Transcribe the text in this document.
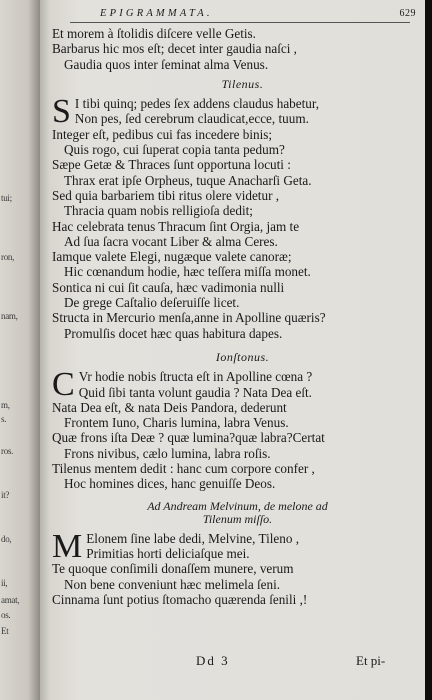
tui;
ron,
nam,
m,
s.
ros.
it?
do,
ii,
amat,
os.
Et
EPIGRAMMATA.	629
Et morem à ſtolidis diſcere velle Getis.
Barbarus hic mos eſt; decet inter gaudia naſci ,
Gaudia quos inter ſeminat alma Venus.
Tilenus.
S I tibi quinq; pedes ſex addens claudus habetur,
Non pes, ſed cerebrum claudicat,ecce, tuum.
Integer eſt, pedibus cui fas incedere binis;
Quis rogo, cui ſuperat copia tanta pedum?
Sæpe Getæ & Thraces ſunt opportuna locuti :
Thrax erat ipſe Orpheus, tuque Anacharſi Geta.
Sed quia barbariem tibi ritus olere videtur ,
Thracia quam nobis relligioſa dedit;
Hac celebrata tenus Thracum ſint Orgia, jam te
Ad ſua ſacra vocant Liber & alma Ceres.
Iamque valete Elegi, nugæque valete canoræ;
Hic cœnandum hodie, hæc teſſera miſſa monet.
Sontica ni cui ſit cauſa, hæc vadimonia nulli
De grege Caſtalio deſeruiſſe licet.
Structa in Mercurio menſa,anne in Apolline quæris?
Promulſis docet hæc quas habitura dapes.
Ionſtonus.
C Vr hodie nobis ſtructa eſt in Apolline cœna ?
Quid ſibi tanta volunt gaudia ? Nata Dea eſt.
Nata Dea eſt, & nata Deis Pandora, dederunt
Frontem Iuno, Charis lumina, labra Venus.
Quæ frons iſta Deæ ? quæ lumina?quæ labra?Certat
Frons nivibus, cælo lumina, labra roſis.
Tilenus mentem dedit : hanc cum corpore confer ,
Hoc homines dices, hanc genuiſſe Deos.
Ad Andream Melvinum, de melone ad
Tilenum miſſo.
M Elonem ſine labe dedi, Melvine, Tileno ,
Primitias horti deliciaſque mei.
Te quoque conſimili donaſſem munere, verum
Non bene conveniunt hæc melimela ſeni.
Cinnama ſunt potius ſtomacho quærenda ſenili ,!
Dd 3	Et pi-
